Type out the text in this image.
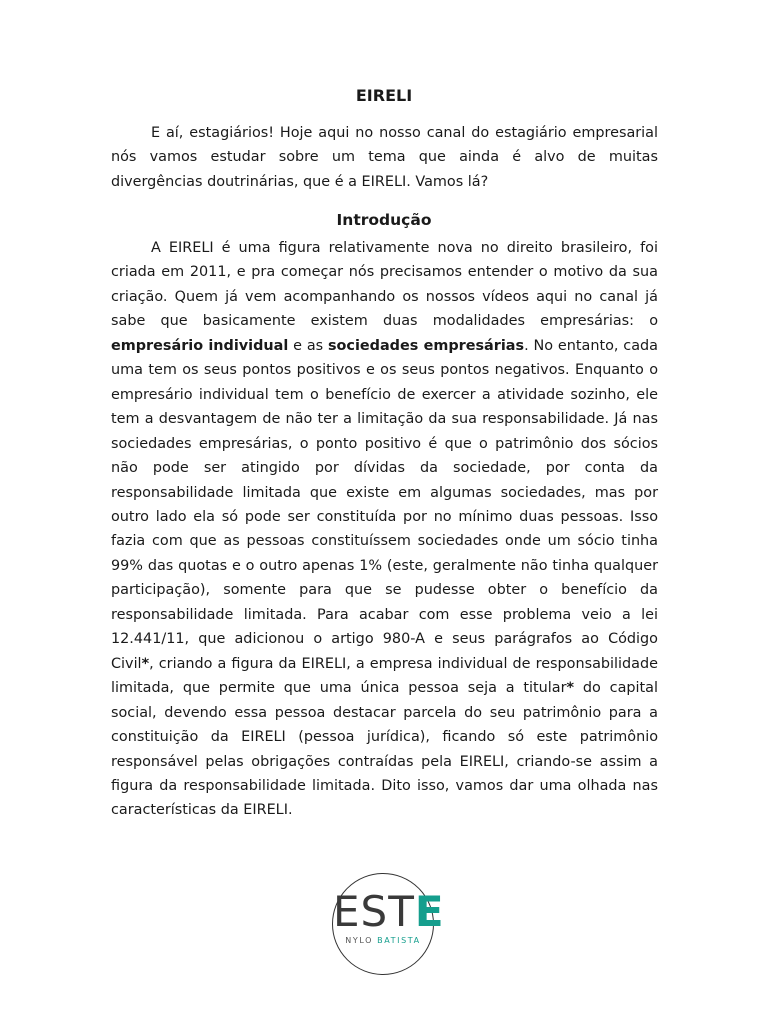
EIRELI

E aí, estagiários! Hoje aqui no nosso canal do estagiário empresarial nós vamos estudar sobre um tema que ainda é alvo de muitas divergências doutrinárias, que é a EIRELI. Vamos lá?

Introdução

A EIRELI é uma figura relativamente nova no direito brasileiro, foi criada em 2011, e pra começar nós precisamos entender o motivo da sua criação. Quem já vem acompanhando os nossos vídeos aqui no canal já sabe que basicamente existem duas modalidades empresárias: o empresário individual e as sociedades empresárias. No entanto, cada uma tem os seus pontos positivos e os seus pontos negativos. Enquanto o empresário individual tem o benefício de exercer a atividade sozinho, ele tem a desvantagem de não ter a limitação da sua responsabilidade. Já nas sociedades empresárias, o ponto positivo é que o patrimônio dos sócios não pode ser atingido por dívidas da sociedade, por conta da responsabilidade limitada que existe em algumas sociedades, mas por outro lado ela só pode ser constituída por no mínimo duas pessoas. Isso fazia com que as pessoas constituíssem sociedades onde um sócio tinha 99% das quotas e o outro apenas 1% (este, geralmente não tinha qualquer participação), somente para que se pudesse obter o benefício da responsabilidade limitada. Para acabar com esse problema veio a lei 12.441/11, que adicionou o artigo 980-A e seus parágrafos ao Código Civil*, criando a figura da EIRELI, a empresa individual de responsabilidade limitada, que permite que uma única pessoa seja a titular* do capital social, devendo essa pessoa destacar parcela do seu patrimônio para a constituição da EIRELI (pessoa jurídica), ficando só este patrimônio responsável pelas obrigações contraídas pela EIRELI, criando-se assim a figura da responsabilidade limitada. Dito isso, vamos dar uma olhada nas características da EIRELI.

ESTE
NYLO BATISTA
